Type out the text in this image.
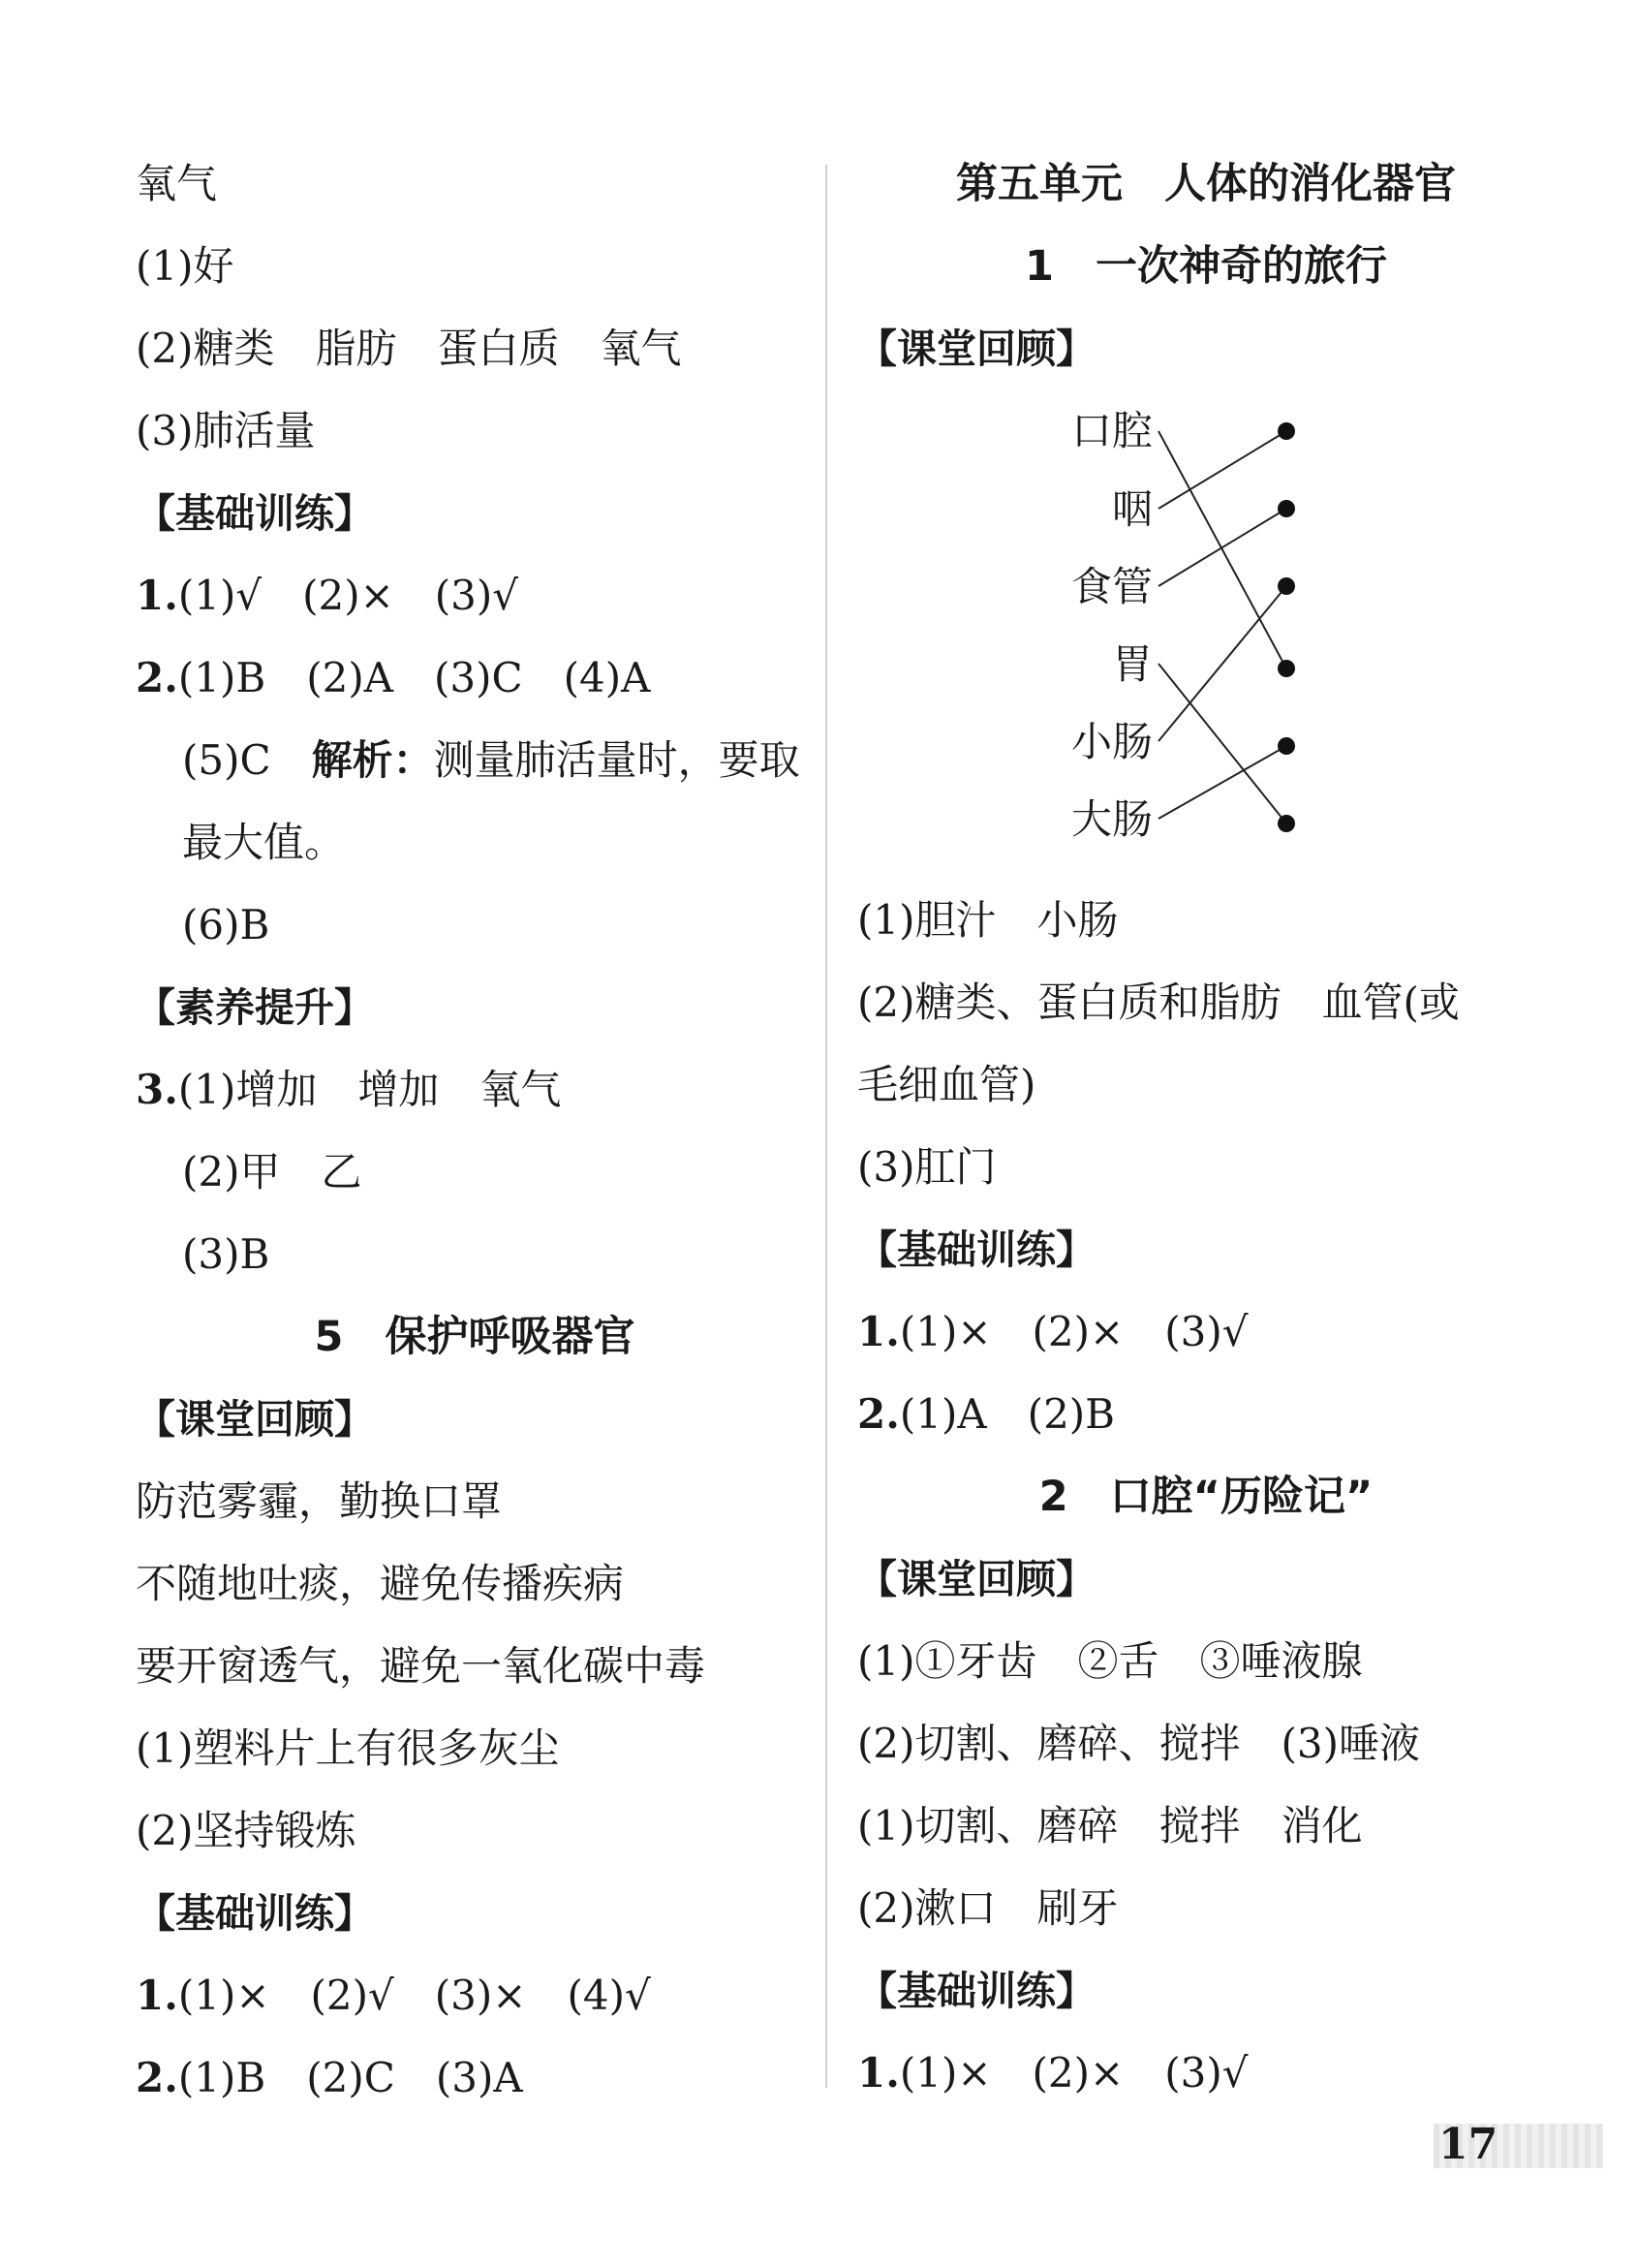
氧气
(1)好
(2)糖类　脂肪　蛋白质　氧气
(3)肺活量
【基础训练】
1.(1)√　(2)×　(3)√
2.(1)B　(2)A　(3)C　(4)A
(5)C　解析：测量肺活量时，要取
最大值。
(6)B
【素养提升】
3.(1)增加　增加　氧气
(2)甲　乙
(3)B
5　保护呼吸器官
【课堂回顾】
防范雾霾，勤换口罩
不随地吐痰，避免传播疾病
要开窗透气，避免一氧化碳中毒
(1)塑料片上有很多灰尘
(2)坚持锻炼
【基础训练】
1.(1)×　(2)√　(3)×　(4)√
2.(1)B　(2)C　(3)A
第五单元　人体的消化器官
1　一次神奇的旅行
【课堂回顾】
口腔
咽
食管
胃
小肠
大肠
(1)胆汁　小肠
(2)糖类、蛋白质和脂肪　血管(或
毛细血管)
(3)肛门
【基础训练】
1.(1)×　(2)×　(3)√
2.(1)A　(2)B
2　口腔“历险记”
【课堂回顾】
(1)①牙齿　②舌　③唾液腺
(2)切割、磨碎、搅拌　(3)唾液
(1)切割、磨碎　搅拌　消化
(2)漱口　刷牙
【基础训练】
1.(1)×　(2)×　(3)√
17
